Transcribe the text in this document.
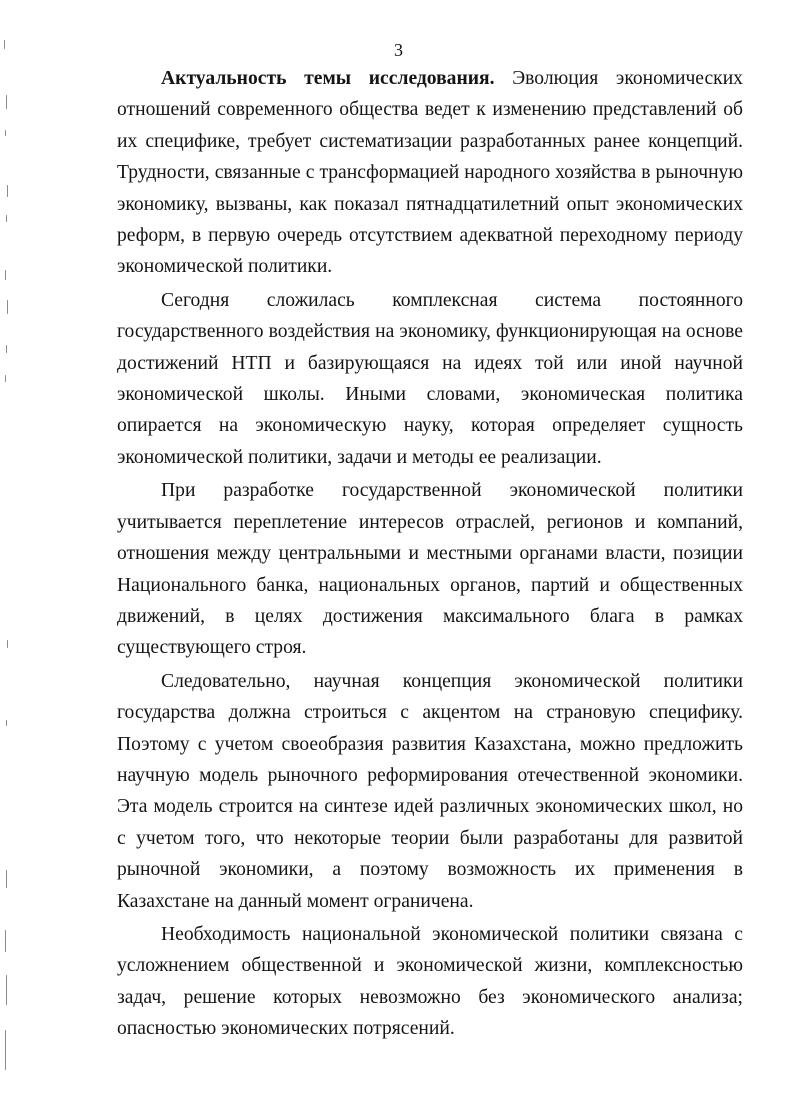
3

Актуальность темы исследования. Эволюция экономических отношений современного общества ведет к изменению представлений об их специфике, требует систематизации разработанных ранее концепций. Трудности, связанные с трансформацией народного хозяйства в рыночную экономику, вызваны, как показал пятнадцатилетний опыт экономических реформ, в первую очередь отсутствием адекватной переходному периоду экономической политики.

Сегодня сложилась комплексная система постоянного государственного воздействия на экономику, функционирующая на основе достижений НТП и базирующаяся на идеях той или иной научной экономической школы. Иными словами, экономическая политика опирается на экономическую науку, которая определяет сущность экономической политики, задачи и методы ее реализации.

При разработке государственной экономической политики учитывается переплетение интересов отраслей, регионов и компаний, отношения между центральными и местными органами власти, позиции Национального банка, национальных органов, партий и общественных движений, в целях достижения максимального блага в рамках существующего строя.

Следовательно, научная концепция экономической политики государства должна строиться с акцентом на страновую специфику. Поэтому с учетом своеобразия развития Казахстана, можно предложить научную модель рыночного реформирования отечественной экономики. Эта модель строится на синтезе идей различных экономических школ, но с учетом того, что некоторые теории были разработаны для развитой рыночной экономики, а поэтому возможность их применения в Казахстане на данный момент ограничена.

Необходимость национальной экономической политики связана с усложнением общественной и экономической жизни, комплексностью задач, решение которых невозможно без экономического анализа; опасностью экономических потрясений.
